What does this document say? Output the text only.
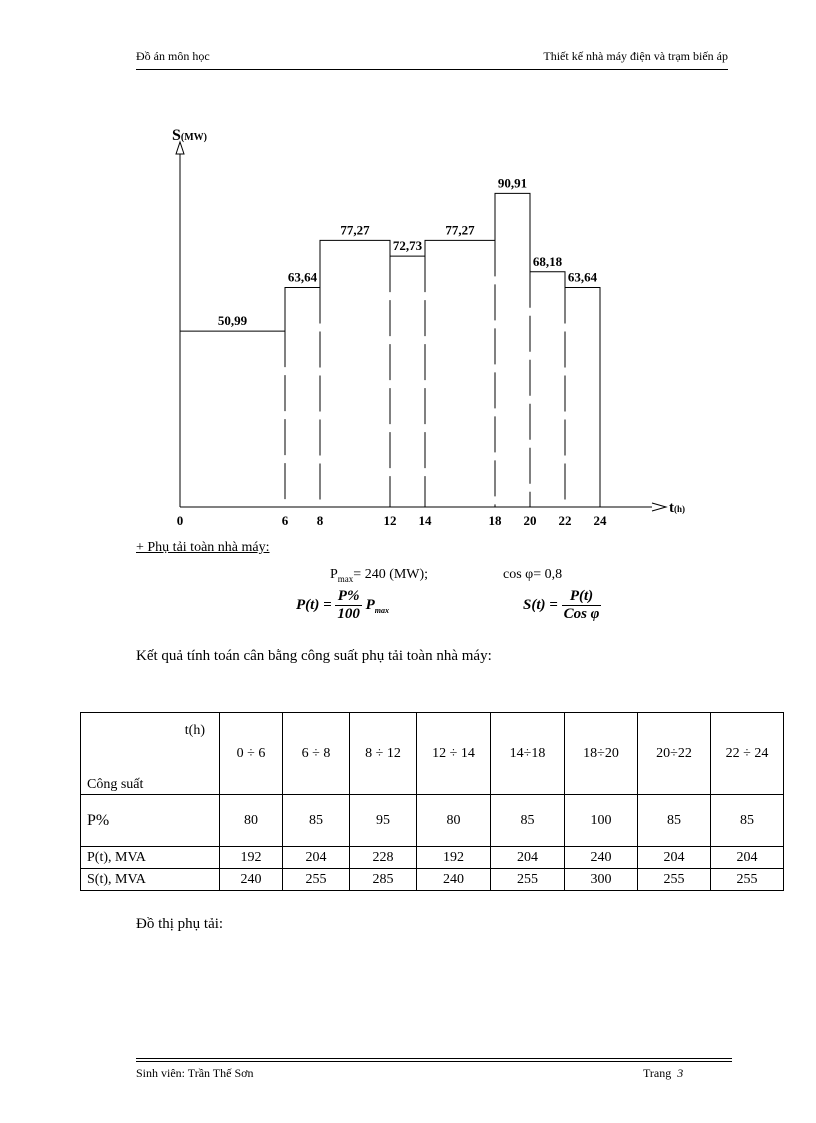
Đồ án môn học	Thiết kế nhà máy điện và trạm biến áp
S(MW)
t(h)
50,99
63,64
77,27
72,73
77,27
90,91
68,18
63,64
0	6 8	12 14	18 20 22 24
+ Phụ tải toàn nhà máy:
$P_{max}= 240$ (MW);	cos φ= 0,8
$P(t) = \frac{P\%}{100} P_{max}$	$S(t) = \frac{P(t)}{\text{Cos φ}}$
Kết quả tính toán cân bằng công suất phụ tải toàn nhà máy:
t(h)
Công suất	0 ÷ 6	6 ÷ 8	8 ÷ 12	12 ÷ 14	14÷18	18÷20	20÷22	22 ÷ 24
P%	80	85	95	80	85	100	85	85
P(t), MVA	192	204	228	192	204	240	204	204
S(t), MVA	240	255	285	240	255	300	255	255
Đồ thị phụ tải:
Sinh viên: Trần Thế Sơn	Trang 3
